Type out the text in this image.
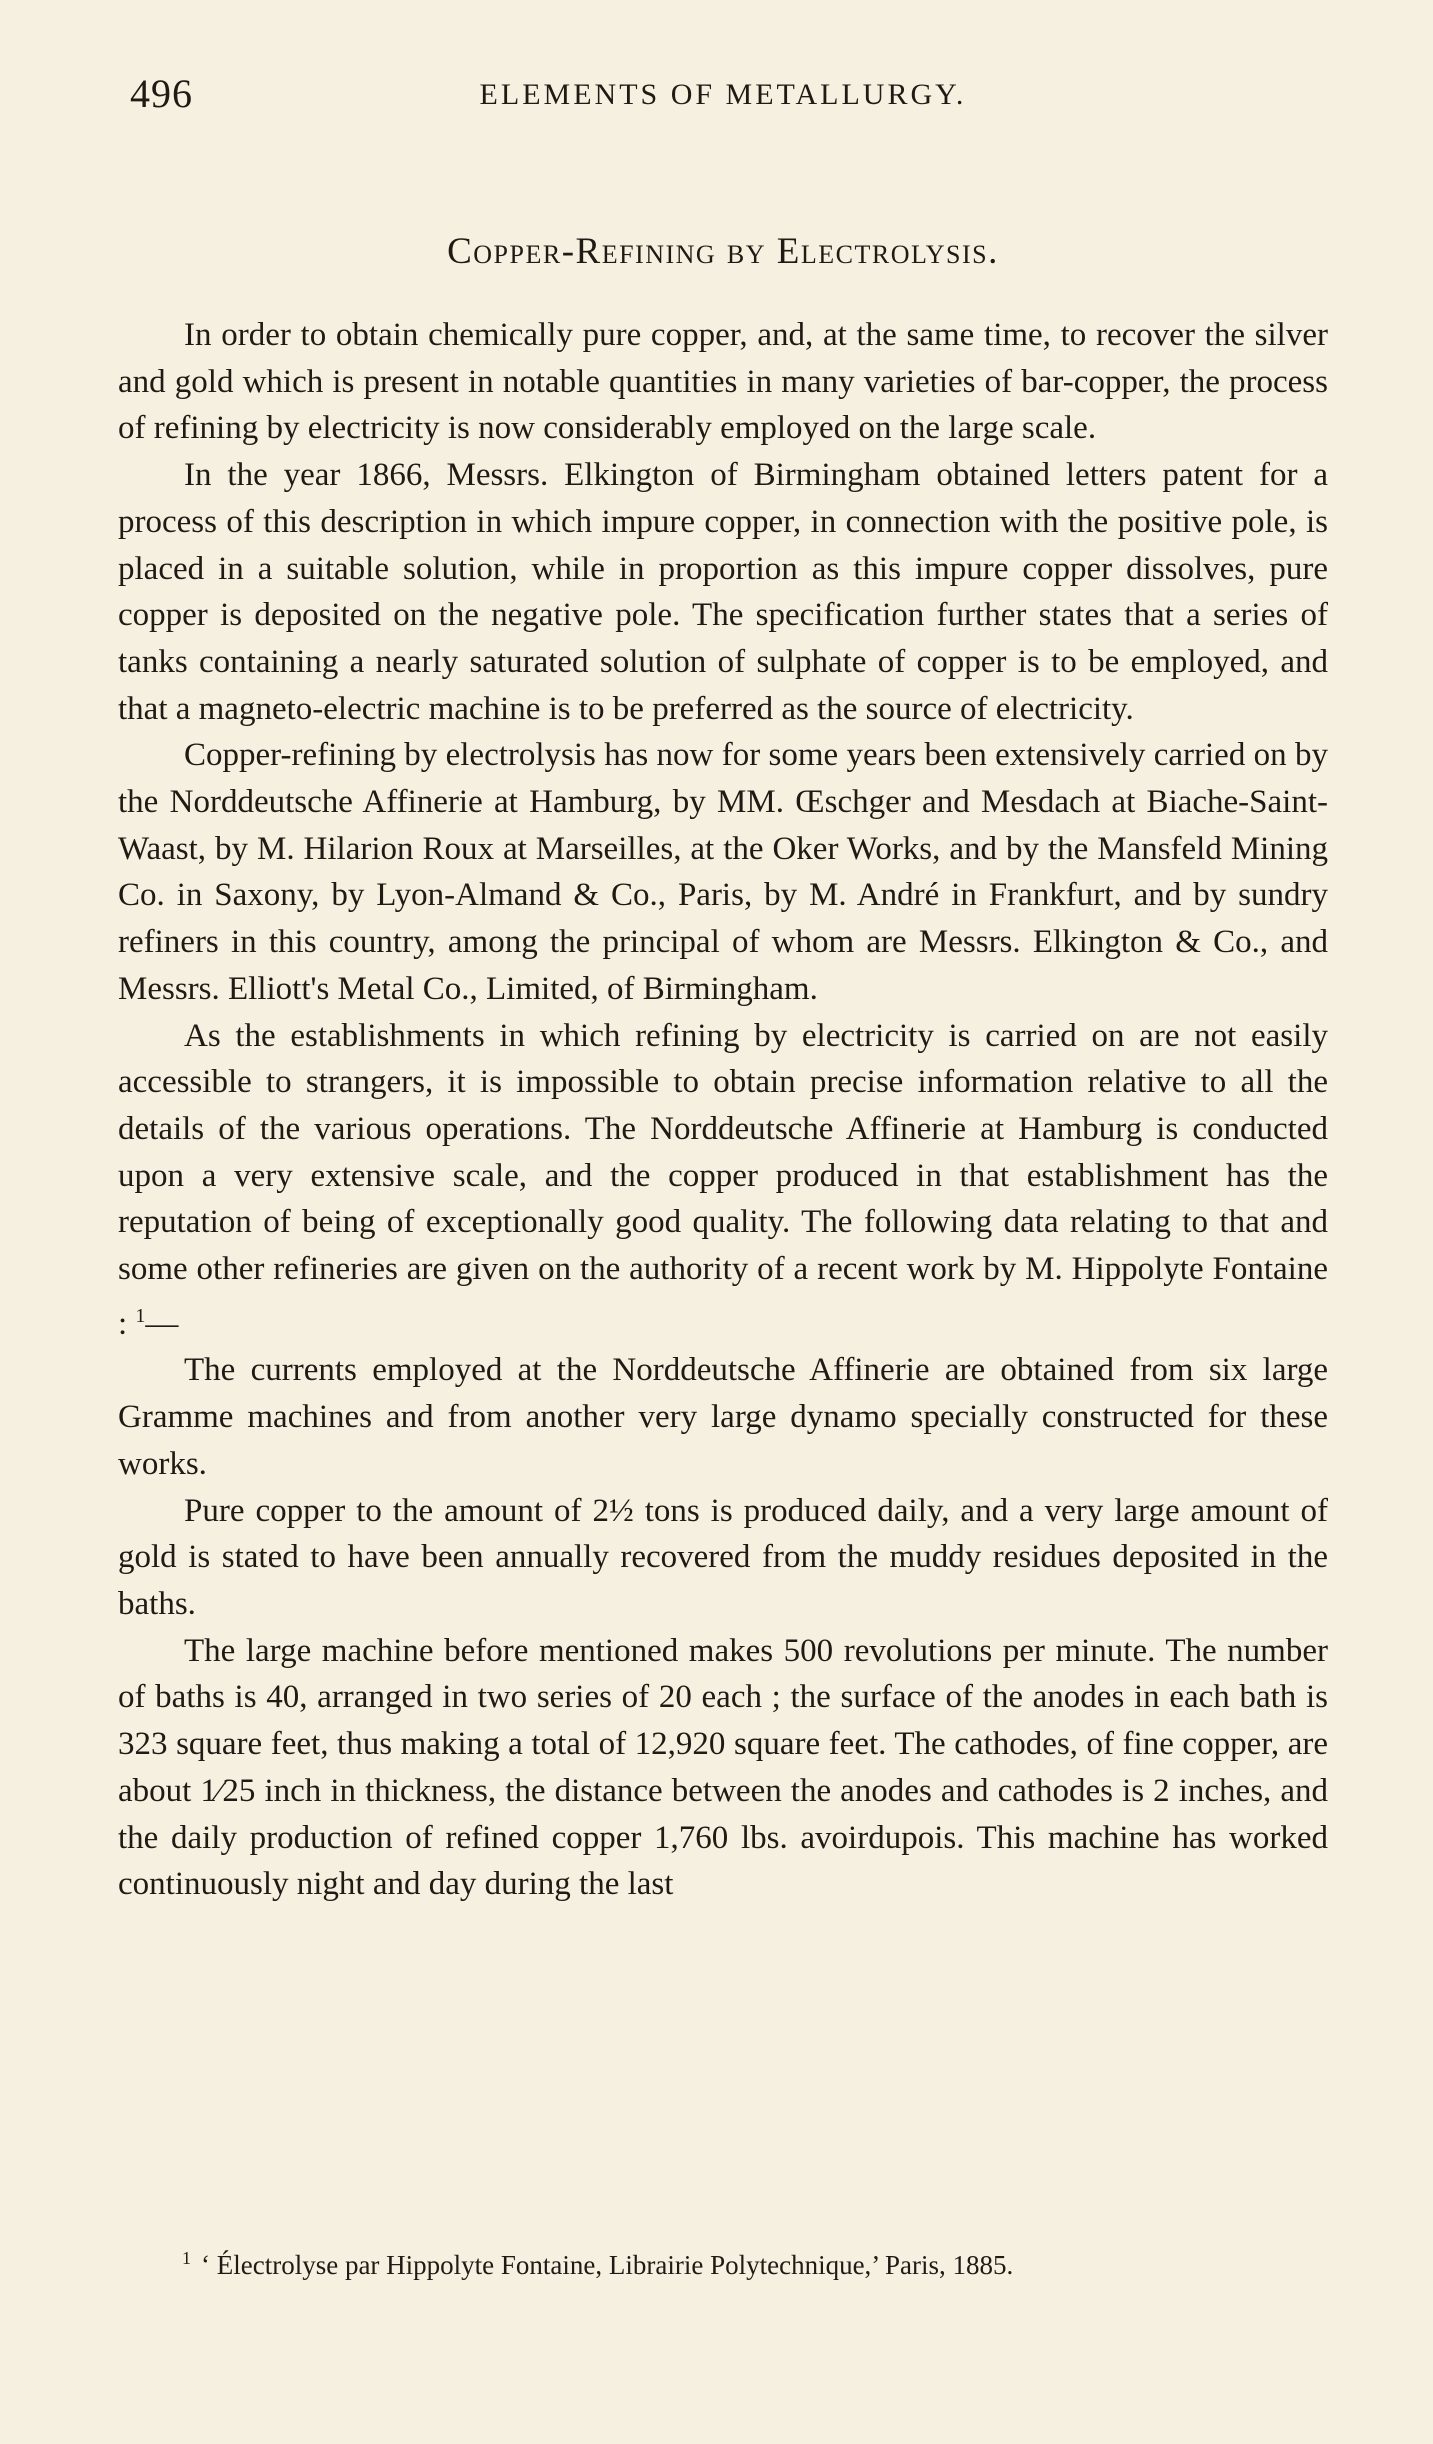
496	ELEMENTS OF METALLURGY.
Copper-Refining by Electrolysis.

In order to obtain chemically pure copper, and, at the same time, to recover the silver and gold which is present in notable quantities in many varieties of bar-copper, the process of refining by electricity is now considerably employed on the large scale.

In the year 1866, Messrs. Elkington of Birmingham obtained letters patent for a process of this description in which impure copper, in connection with the positive pole, is placed in a suitable solution, while in proportion as this impure copper dissolves, pure copper is deposited on the negative pole. The specification further states that a series of tanks containing a nearly saturated solution of sulphate of copper is to be employed, and that a magneto-electric machine is to be preferred as the source of electricity.

Copper-refining by electrolysis has now for some years been extensively carried on by the Norddeutsche Affinerie at Hamburg, by MM. Œschger and Mesdach at Biache-Saint-Waast, by M. Hilarion Roux at Marseilles, at the Oker Works, and by the Mansfeld Mining Co. in Saxony, by Lyon-Almand & Co., Paris, by M. André in Frankfurt, and by sundry refiners in this country, among the principal of whom are Messrs. Elkington & Co., and Messrs. Elliott's Metal Co., Limited, of Birmingham.

As the establishments in which refining by electricity is carried on are not easily accessible to strangers, it is impossible to obtain precise information relative to all the details of the various operations. The Norddeutsche Affinerie at Hamburg is conducted upon a very extensive scale, and the copper produced in that establishment has the reputation of being of exceptionally good quality. The following data relating to that and some other refineries are given on the authority of a recent work by M. Hippolyte Fontaine : $^1$—

The currents employed at the Norddeutsche Affinerie are obtained from six large Gramme machines and from another very large dynamo specially constructed for these works.

Pure copper to the amount of 2½ tons is produced daily, and a very large amount of gold is stated to have been annually recovered from the muddy residues deposited in the baths.

The large machine before mentioned makes 500 revolutions per minute. The number of baths is 40, arranged in two series of 20 each ; the surface of the anodes in each bath is 323 square feet, thus making a total of 12,920 square feet. The cathodes, of fine copper, are about 1⁄25 inch in thickness, the distance between the anodes and cathodes is 2 inches, and the daily production of refined copper 1,760 lbs. avoirdupois. This machine has worked continuously night and day during the last

$^1$ ‘ Électrolyse par Hippolyte Fontaine, Librairie Polytechnique,’ Paris, 1885.
